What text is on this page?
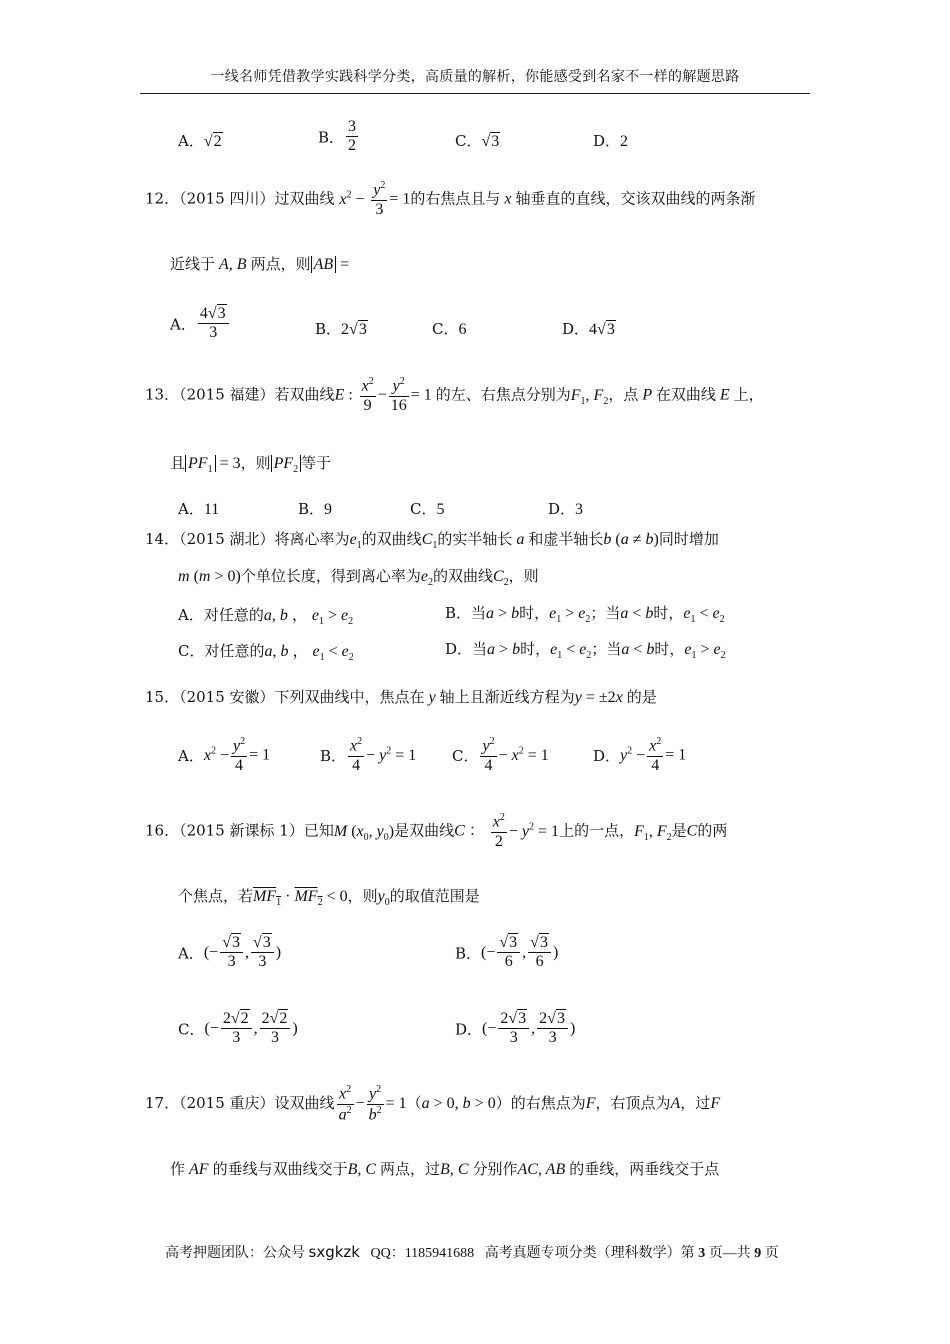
一线名师凭借教学实践科学分类，高质量的解析，你能感受到名家不一样的解题思路
A．√2	B． $\frac{3}{2}$	C．√3	D．2
12．（2015 四川）过双曲线 $x^2 - \frac{y^2}{3} = 1$的右焦点且与 x 轴垂直的直线，交该双曲线的两条渐
近线于 A, B 两点，则 AB =
A． $\frac{4√3}{3}$	B．2√3	C．6	D．4√3
13．（2015 福建）若双曲线E : $\frac{x^2}{9} - \frac{y^2}{16} = 1$ 的左、右焦点分别为$F_1$, $F_2$，点 P 在双曲线 E 上，
且 $PF_1 = 3$，则 $PF_2$ 等于
A．11	B．9	C．5	D．3
14．（2015 湖北）将离心率为$e_1$的双曲线$C_1$的实半轴长 a 和虚半轴长b (a ≠ b)同时增加
m (m > 0)个单位长度，得到离心率为$e_2$的双曲线$C_2$，则
A．对任意的a, b ， $e_1 > e_2$	B．当a > b时，$e_1 > e_2$；当a < b时，$e_1 < e_2$
C．对任意的a, b ， $e_1 < e_2$	D．当a > b时，$e_1 < e_2$；当a < b时，$e_1 > e_2$
15．（2015 安徽）下列双曲线中，焦点在 y 轴上且渐近线方程为y = ±2x 的是
A．$x^2 - \frac{y^2}{4} = 1$	B． $\frac{x^2}{4} - y^2 = 1$ C． $\frac{y^2}{4} - x^2 = 1$	D．$y^2 - \frac{x^2}{4} = 1$
16．（2015 新课标 1）已知M ($x_0$, $y_0$)是双曲线C ： $\frac{x^2}{2} - y^2 = 1$上的一点，$F_1$, $F_2$是C的两
个焦点，若$MF_1 \cdot MF_2 < 0$，则$y_0$的取值范围是
A．(− $\frac{√3}{3}$ , $\frac{√3}{3}$ )	B．(− $\frac{√3}{6}$ , $\frac{√3}{6}$ )
C．(− $\frac{2√2}{3}$ , $\frac{2√2}{3}$ )	D．(− $\frac{2√3}{3}$ , $\frac{2√3}{3}$ )
17．（2015 重庆）设双曲线 $\frac{x^2}{a^2} - \frac{y^2}{b^2} = 1(a > 0$, b > 0）的右焦点为F，右顶点为A，过F
作 AF 的垂线与双曲线交于B, C 两点，过B, C 分别作AC, AB 的垂线，两垂线交于点
高考押题团队：公众号 sxgkzk QQ：1185941688 高考真题专项分类（理科数学）第 3 页—共 9 页
